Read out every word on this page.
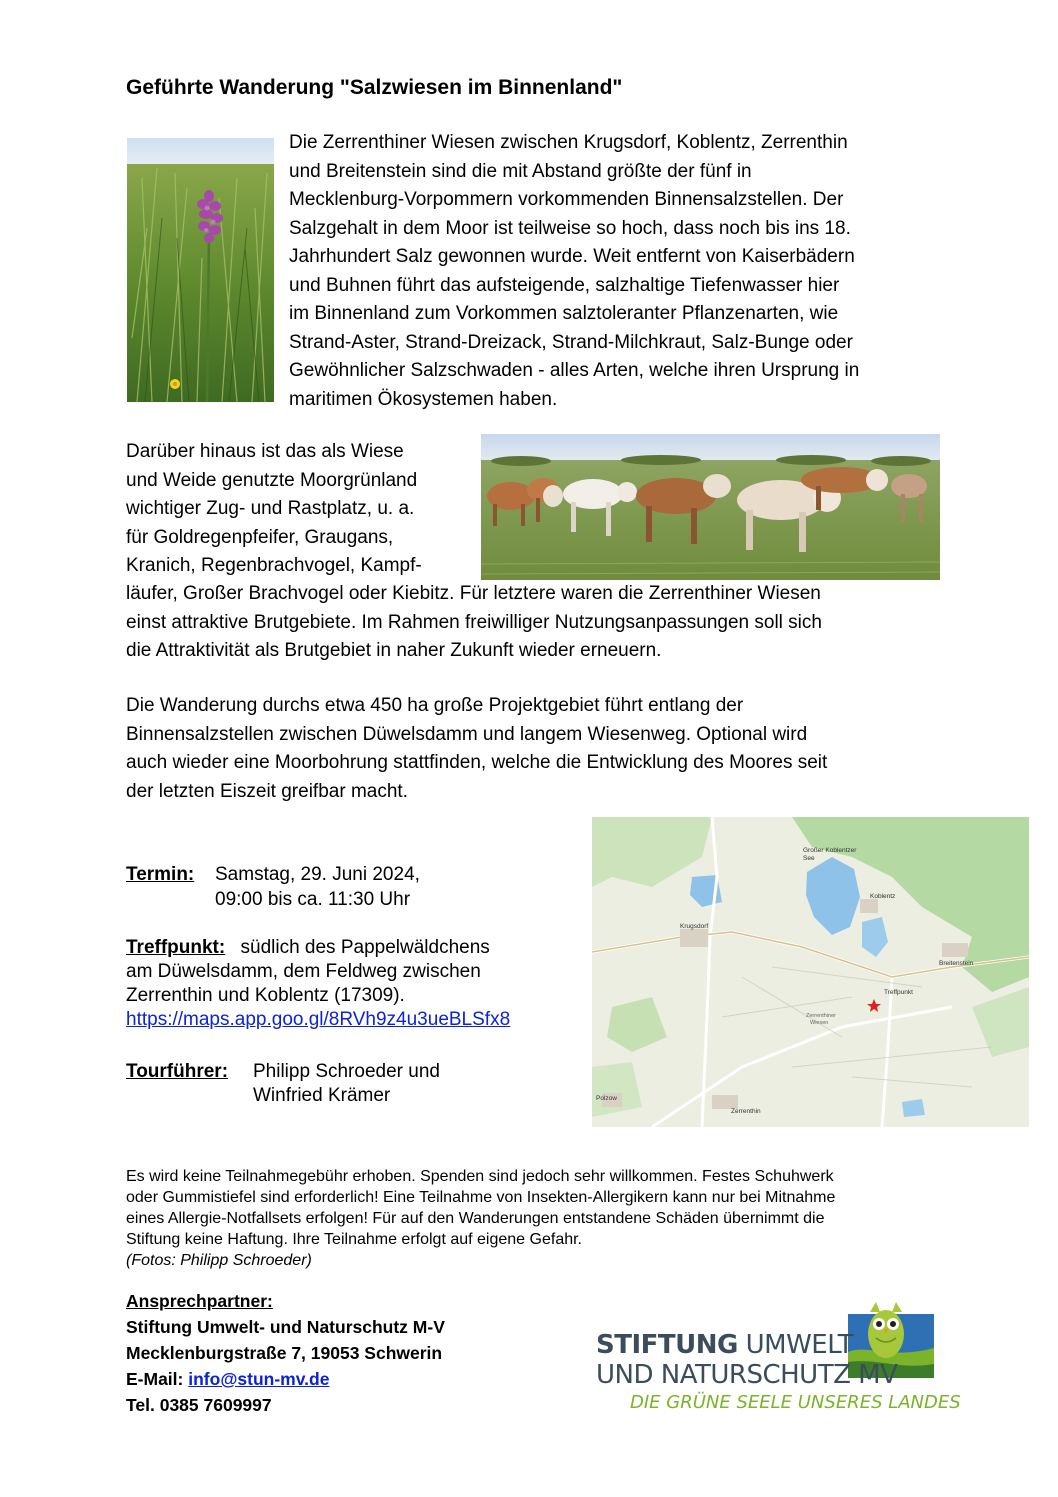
Geführte Wanderung "Salzwiesen im Binnenland"
Die Zerrenthiner Wiesen zwischen Krugsdorf, Koblentz, Zerrenthin
und Breitenstein sind die mit Abstand größte der fünf in
Mecklenburg-Vorpommern vorkommenden Binnensalzstellen. Der
Salzgehalt in dem Moor ist teilweise so hoch, dass noch bis ins 18.
Jahrhundert Salz gewonnen wurde. Weit entfernt von Kaiserbädern
und Buhnen führt das aufsteigende, salzhaltige Tiefenwasser hier
im Binnenland zum Vorkommen salztoleranter Pflanzenarten, wie
Strand-Aster, Strand-Dreizack, Strand-Milchkraut, Salz-Bunge oder
Gewöhnlicher Salzschwaden - alles Arten, welche ihren Ursprung in
maritimen Ökosystemen haben.
Darüber hinaus ist das als Wiese
und Weide genutzte Moorgrünland
wichtiger Zug- und Rastplatz, u. a.
für Goldregenpfeifer, Graugans,
Kranich, Regenbrachvogel, Kampf-
läufer, Großer Brachvogel oder Kiebitz. Für letztere waren die Zerrenthiner Wiesen
einst attraktive Brutgebiete. Im Rahmen freiwilliger Nutzungsanpassungen soll sich
die Attraktivität als Brutgebiet in naher Zukunft wieder erneuern.
Die Wanderung durchs etwa 450 ha große Projektgebiet führt entlang der
Binnensalzstellen zwischen Düwelsdamm und langem Wiesenweg. Optional wird
auch wieder eine Moorbohrung stattfinden, welche die Entwicklung des Moores seit
der letzten Eiszeit greifbar macht.
Termin: Samstag, 29. Juni 2024,

09:00 bis ca. 11:30 Uhr
Treffpunkt: südlich des Pappelwäldchens
am Düwelsdamm, dem Feldweg zwischen
Zerrenthin und Koblentz (17309).
https://maps.app.goo.gl/8RVh9z4u3ueBLSfx8
Tourführer: Philipp Schroeder und
Winfried Krämer
Großer Koblentzer
See
Koblentz
Krugsdorf
Breitenstein
Treffpunkt
Zerrenthiner
Wiesen
Polzow
Zerrenthin
Es wird keine Teilnahmegebühr erhoben. Spenden sind jedoch sehr willkommen. Festes Schuhwerk
oder Gummistiefel sind erforderlich! Eine Teilnahme von Insekten-Allergikern kann nur bei Mitnahme
eines Allergie-Notfallsets erfolgen! Für auf den Wanderungen entstandene Schäden übernimmt die
Stiftung keine Haftung. Ihre Teilnahme erfolgt auf eigene Gefahr.
(Fotos: Philipp Schroeder)
Ansprechpartner:
Stiftung Umwelt- und Naturschutz M-V
Mecklenburgstraße 7, 19053 Schwerin
E-Mail: info@stun-mv.de
Tel. 0385 7609997
STIFTUNG UMWELT
UND NATURSCHUTZ MV
DIE GRÜNE SEELE UNSERES LANDES
